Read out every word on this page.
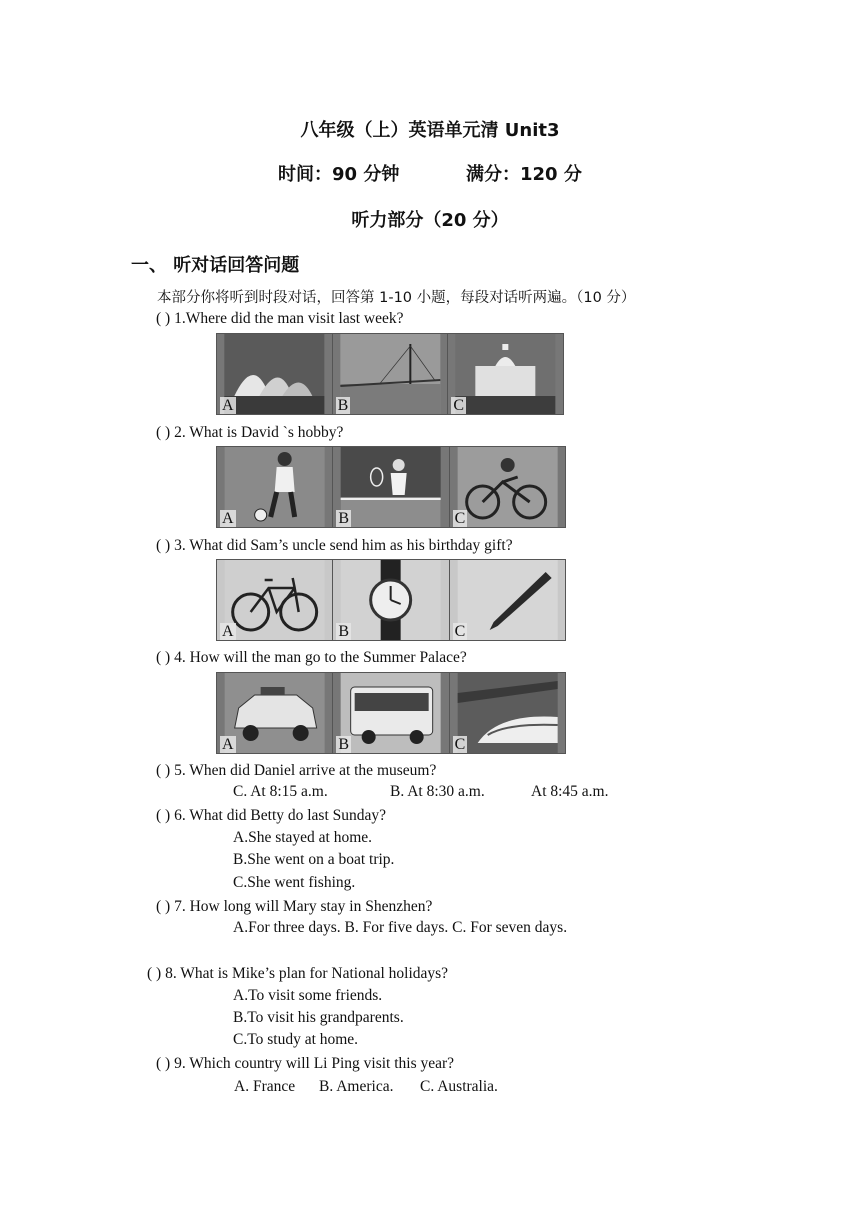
八年级（上）英语单元清 Unit3
时间：90 分钟	满分：120 分
听力部分（20 分）
一、 听对话回答问题
本部分你将听到时段对话，回答第 1-10 小题，每段对话听两遍。（10 分）
( ) 1.Where did the man visit last week?
A	B	C
( ) 2. What is David `s hobby?
A	B	C
( ) 3. What did Sam’s uncle send him as his birthday gift?
A	B	C
( ) 4. How will the man go to the Summer Palace?
A	B	C
( ) 5. When did Daniel arrive at the museum?
C. At 8:15 a.m.	B. At 8:30 a.m.	At 8:45 a.m.
( ) 6. What did Betty do last Sunday?
A.She stayed at home.
B.She went on a boat trip.
C.She went fishing.
( ) 7. How long will Mary stay in Shenzhen?
A.For three days. B. For five days. C. For seven days.
( ) 8. What is Mike’s plan for National holidays?
A.To visit some friends.
B.To visit his grandparents.
C.To study at home.
( ) 9. Which country will Li Ping visit this year?
A. France B. America. C. Australia.
